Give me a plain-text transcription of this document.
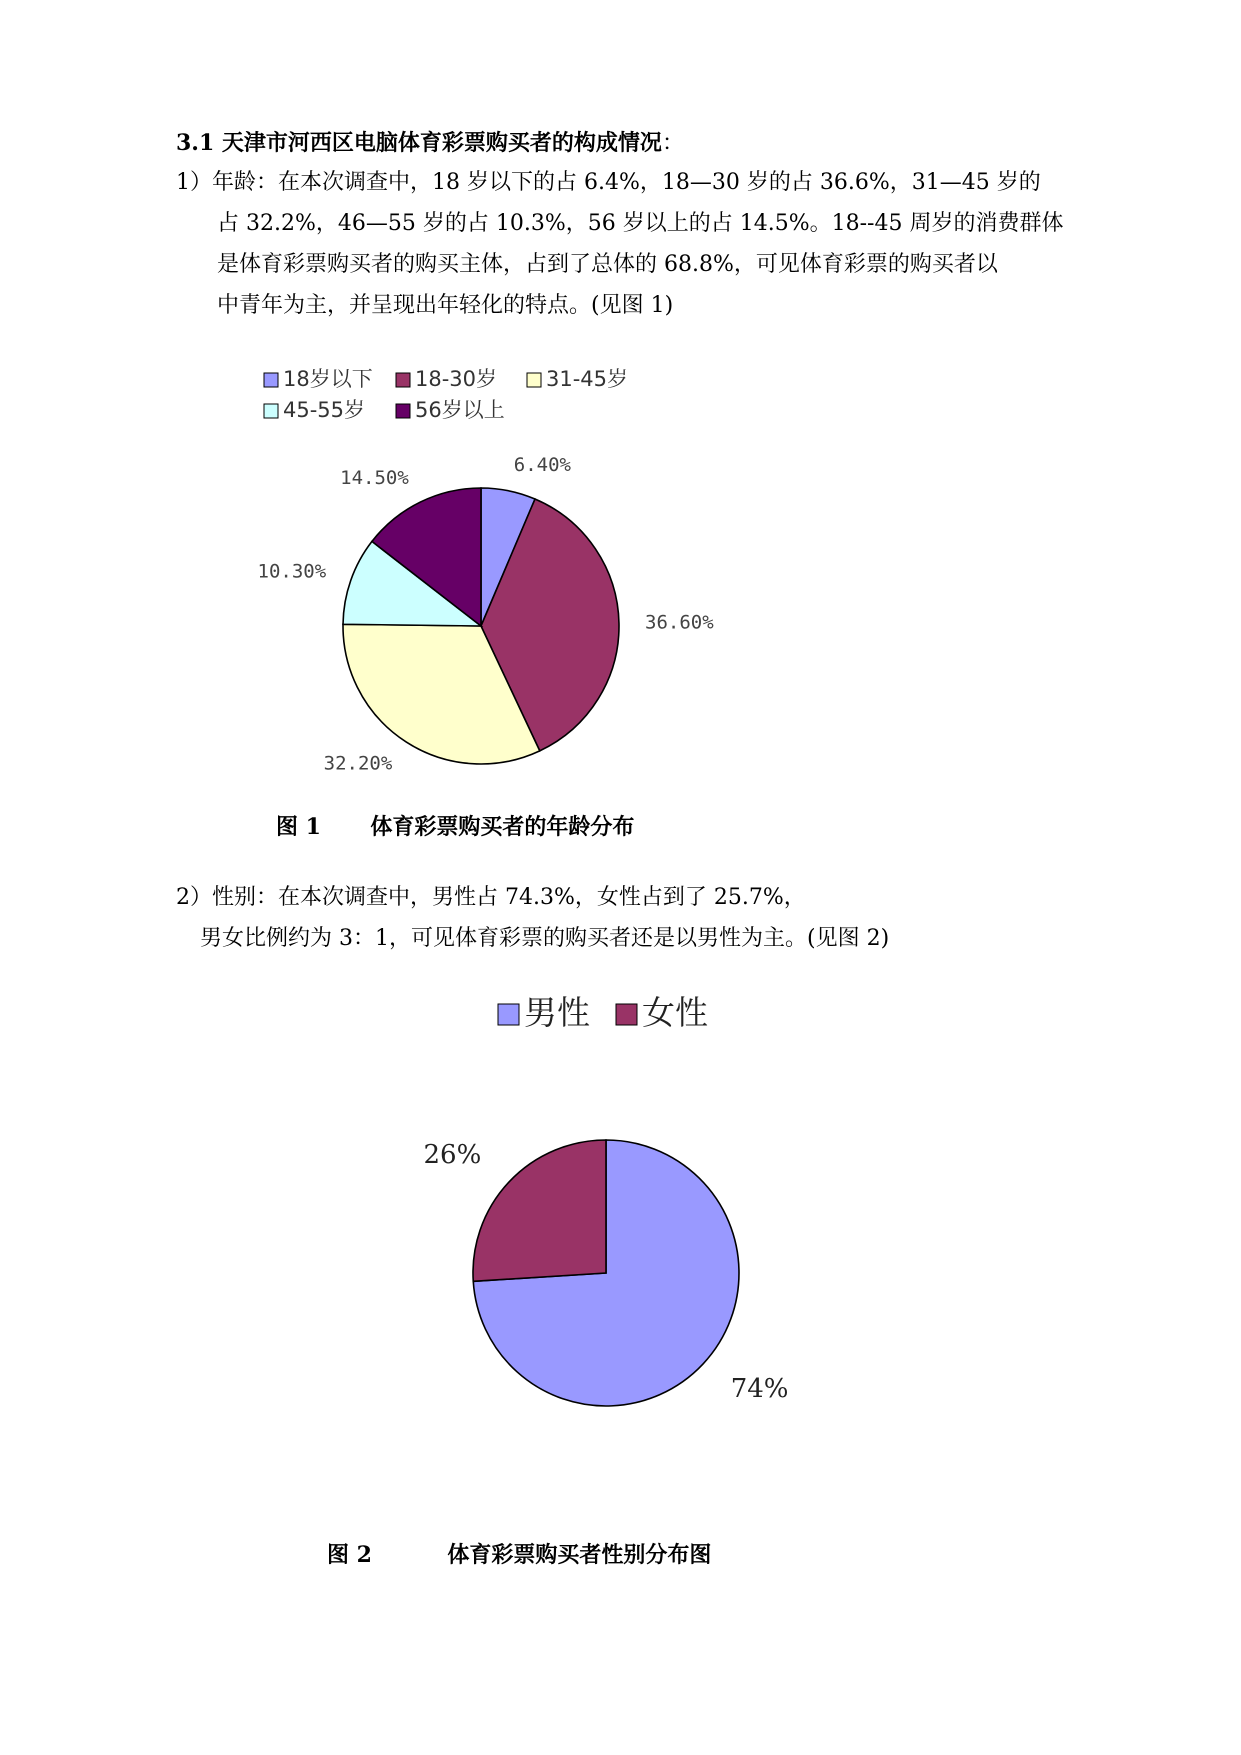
3.1 天津市河西区电脑体育彩票购买者的构成情况：
1）年龄：在本次调查中，18 岁以下的占 6.4%，18—30 岁的占 36.6%，31—45 岁的
占 32.2%，46—55 岁的占 10.3%，56 岁以上的占 14.5%。18--45 周岁的消费群体
是体育彩票购买者的购买主体，占到了总体的 68.8%，可见体育彩票的购买者以
中青年为主，并呈现出年轻化的特点。(见图 1)
图 1 体育彩票购买者的年龄分布
2）性别：在本次调查中，男性占 74.3%，女性占到了 25.7%，
男女比例约为 3：1，可见体育彩票的购买者还是以男性为主。(见图 2)
图 2	体育彩票购买者性别分布图
6.40%
36.60%
32.20%
10.30%
14.50%
18岁以下 18-30岁 31-45岁
45-55岁 56岁以上
74%
26%
男性 女性
